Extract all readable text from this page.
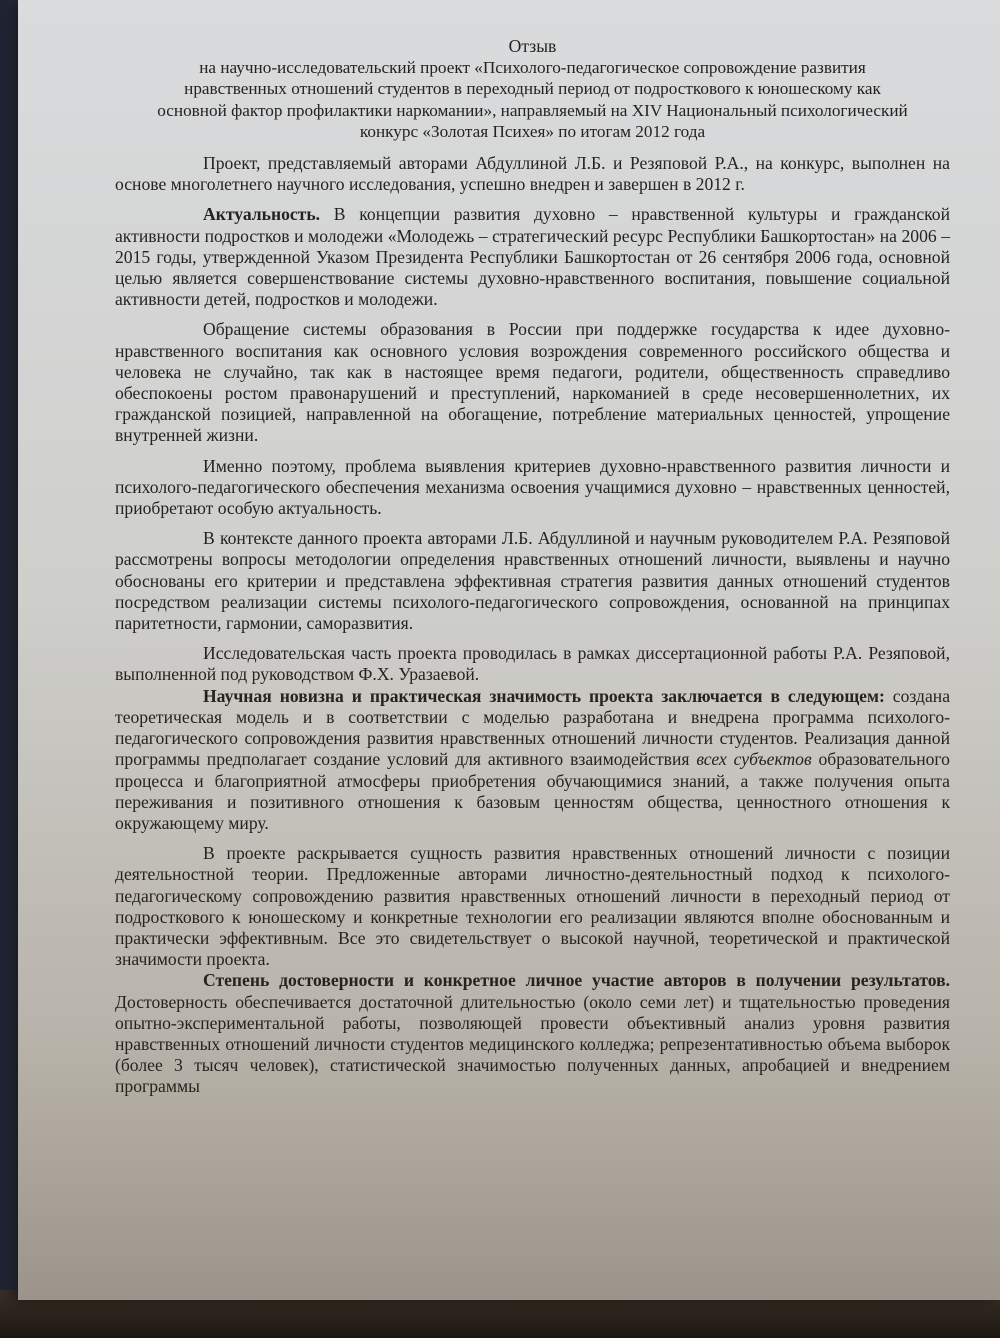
Отзыв

на научно-исследовательский проект «Психолого-педагогическое сопровождение развития нравственных отношений студентов в переходный период от подросткового к юношескому как основной фактор профилактики наркомании», направляемый на XIV Национальный психологический конкурс «Золотая Психея» по итогам 2012 года

Проект, представляемый авторами Абдуллиной Л.Б. и Резяповой Р.А., на конкурс, выполнен на основе многолетнего научного исследования, успешно внедрен и завершен в 2012 г.

Актуальность. В концепции развития духовно – нравственной культуры и гражданской активности подростков и молодежи «Молодежь – стратегический ресурс Республики Башкортостан» на 2006 – 2015 годы, утвержденной Указом Президента Республики Башкортостан от 26 сентября 2006 года, основной целью является совершенствование системы духовно-нравственного воспитания, повышение социальной активности детей, подростков и молодежи.

Обращение системы образования в России при поддержке государства к идее духовно-нравственного воспитания как основного условия возрождения современного российского общества и человека не случайно, так как в настоящее время педагоги, родители, общественность справедливо обеспокоены ростом правонарушений и преступлений, наркоманией в среде несовершеннолетних, их гражданской позицией, направленной на обогащение, потребление материальных ценностей, упрощение внутренней жизни.

Именно поэтому, проблема выявления критериев духовно-нравственного развития личности и психолого-педагогического обеспечения механизма освоения учащимися духовно – нравственных ценностей, приобретают особую актуальность.

В контексте данного проекта авторами Л.Б. Абдуллиной и научным руководителем Р.А. Резяповой рассмотрены вопросы методологии определения нравственных отношений личности, выявлены и научно обоснованы его критерии и представлена эффективная стратегия развития данных отношений студентов посредством реализации системы психолого-педагогического сопровождения, основанной на принципах паритетности, гармонии, саморазвития.

Исследовательская часть проекта проводилась в рамках диссертационной работы Р.А. Резяповой, выполненной под руководством Ф.Х. Уразаевой.

Научная новизна и практическая значимость проекта заключается в следующем: создана теоретическая модель и в соответствии с моделью разработана и внедрена программа психолого-педагогического сопровождения развития нравственных отношений личности студентов. Реализация данной программы предполагает создание условий для активного взаимодействия всех субъектов образовательного процесса и благоприятной атмосферы приобретения обучающимися знаний, а также получения опыта переживания и позитивного отношения к базовым ценностям общества, ценностного отношения к окружающему миру.

В проекте раскрывается сущность развития нравственных отношений личности с позиции деятельностной теории. Предложенные авторами личностно-деятельностный подход к психолого-педагогическому сопровождению развития нравственных отношений личности в переходный период от подросткового к юношескому и конкретные технологии его реализации являются вполне обоснованным и практически эффективным. Все это свидетельствует о высокой научной, теоретической и практической значимости проекта.

Степень достоверности и конкретное личное участие авторов в получении результатов. Достоверность обеспечивается достаточной длительностью (около семи лет) и тщательностью проведения опытно-экспериментальной работы, позволяющей провести объективный анализ уровня развития нравственных отношений личности студентов медицинского колледжа; репрезентативностью объема выборок (более 3 тысяч человек), статистической значимостью полученных данных, апробацией и внедрением программы
